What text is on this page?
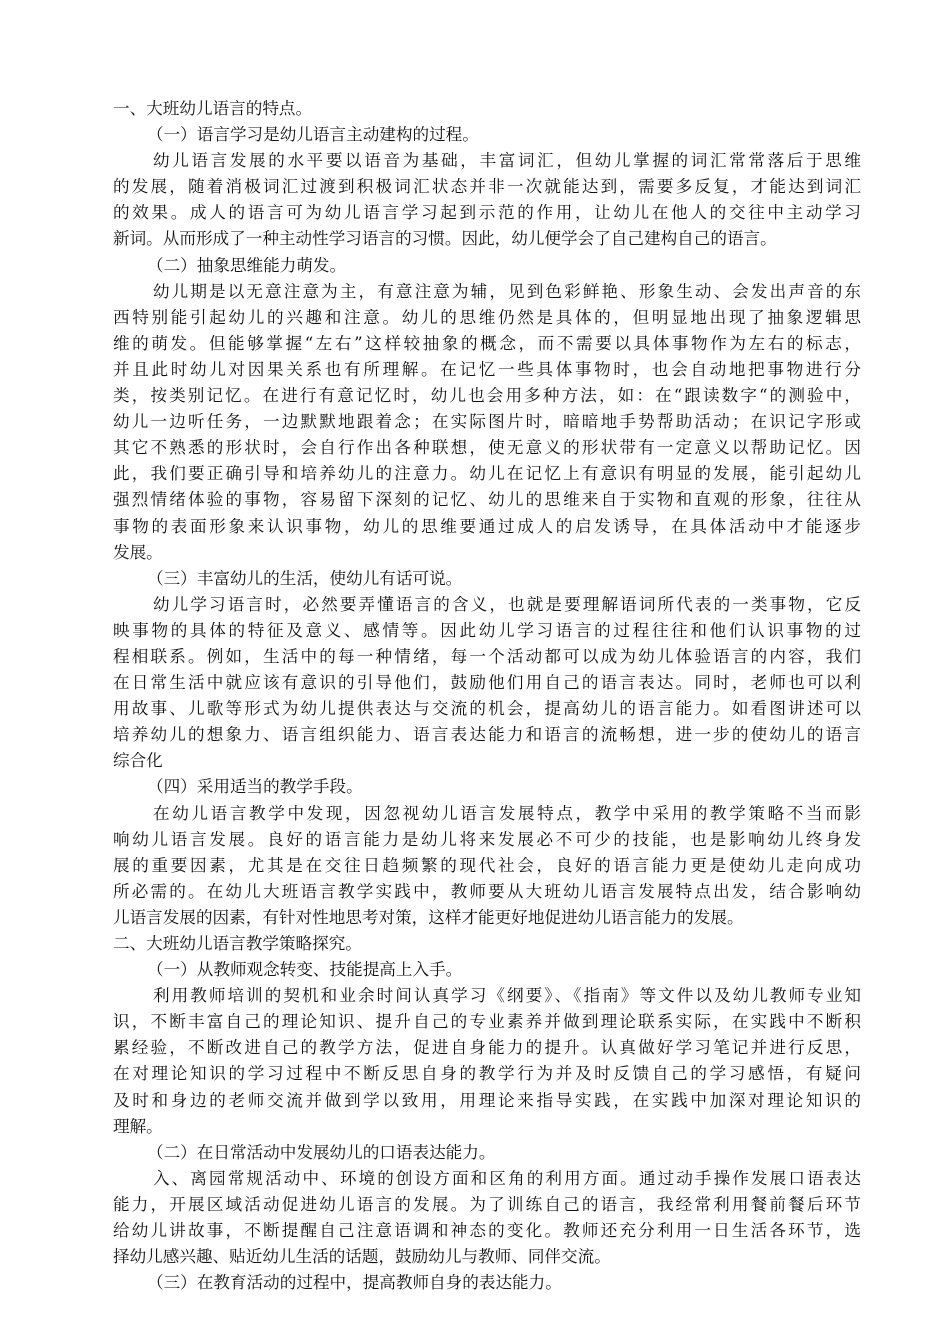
一、大班幼儿语言的特点。
（一）语言学习是幼儿语言主动建构的过程。
幼儿语言发展的水平要以语音为基础，丰富词汇，但幼儿掌握的词汇常常落后于思维
的发展，随着消极词汇过渡到积极词汇状态并非一次就能达到，需要多反复，才能达到词汇
的效果。成人的语言可为幼儿语言学习起到示范的作用，让幼儿在他人的交往中主动学习
新词。从而形成了一种主动性学习语言的习惯。因此，幼儿便学会了自己建构自己的语言。
（二）抽象思维能力萌发。
幼儿期是以无意注意为主，有意注意为辅，见到色彩鲜艳、形象生动、会发出声音的东
西特别能引起幼儿的兴趣和注意。幼儿的思维仍然是具体的，但明显地出现了抽象逻辑思
维的萌发。但能够掌握“左右”这样较抽象的概念，而不需要以具体事物作为左右的标志，
并且此时幼儿对因果关系也有所理解。在记忆一些具体事物时，也会自动地把事物进行分
类，按类别记忆。在进行有意记忆时，幼儿也会用多种方法，如：在“跟读数字“的测验中，
幼儿一边听任务，一边默默地跟着念；在实际图片时，暗暗地手势帮助活动；在识记字形或
其它不熟悉的形状时，会自行作出各种联想，使无意义的形状带有一定意义以帮助记忆。因
此，我们要正确引导和培养幼儿的注意力。幼儿在记忆上有意识有明显的发展，能引起幼儿
强烈情绪体验的事物，容易留下深刻的记忆、幼儿的思维来自于实物和直观的形象，往往从
事物的表面形象来认识事物，幼儿的思维要通过成人的启发诱导，在具体活动中才能逐步
发展。
（三）丰富幼儿的生活，使幼儿有话可说。
幼儿学习语言时，必然要弄懂语言的含义，也就是要理解语词所代表的一类事物，它反
映事物的具体的特征及意义、感情等。因此幼儿学习语言的过程往往和他们认识事物的过
程相联系。例如，生活中的每一种情绪，每一个活动都可以成为幼儿体验语言的内容，我们
在日常生活中就应该有意识的引导他们，鼓励他们用自己的语言表达。同时，老师也可以利
用故事、儿歌等形式为幼儿提供表达与交流的机会，提高幼儿的语言能力。如看图讲述可以
培养幼儿的想象力、语言组织能力、语言表达能力和语言的流畅想，进一步的使幼儿的语言
综合化
（四）采用适当的教学手段。
在幼儿语言教学中发现，因忽视幼儿语言发展特点，教学中采用的教学策略不当而影
响幼儿语言发展。良好的语言能力是幼儿将来发展必不可少的技能，也是影响幼儿终身发
展的重要因素，尤其是在交往日趋频繁的现代社会，良好的语言能力更是使幼儿走向成功
所必需的。在幼儿大班语言教学实践中，教师要从大班幼儿语言发展特点出发，结合影响幼
儿语言发展的因素，有针对性地思考对策，这样才能更好地促进幼儿语言能力的发展。
二、大班幼儿语言教学策略探究。
（一）从教师观念转变、技能提高上入手。
利用教师培训的契机和业余时间认真学习《纲要》、《指南》等文件以及幼儿教师专业知
识，不断丰富自己的理论知识、提升自己的专业素养并做到理论联系实际，在实践中不断积
累经验，不断改进自己的教学方法，促进自身能力的提升。认真做好学习笔记并进行反思，
在对理论知识的学习过程中不断反思自身的教学行为并及时反馈自己的学习感悟，有疑问
及时和身边的老师交流并做到学以致用，用理论来指导实践，在实践中加深对理论知识的
理解。
（二）在日常活动中发展幼儿的口语表达能力。
入、离园常规活动中、环境的创设方面和区角的利用方面。通过动手操作发展口语表达
能力，开展区域活动促进幼儿语言的发展。为了训练自己的语言，我经常利用餐前餐后环节
给幼儿讲故事，不断提醒自己注意语调和神态的变化。教师还充分利用一日生活各环节，选
择幼儿感兴趣、贴近幼儿生活的话题，鼓励幼儿与教师、同伴交流。
（三）在教育活动的过程中，提高教师自身的表达能力。
